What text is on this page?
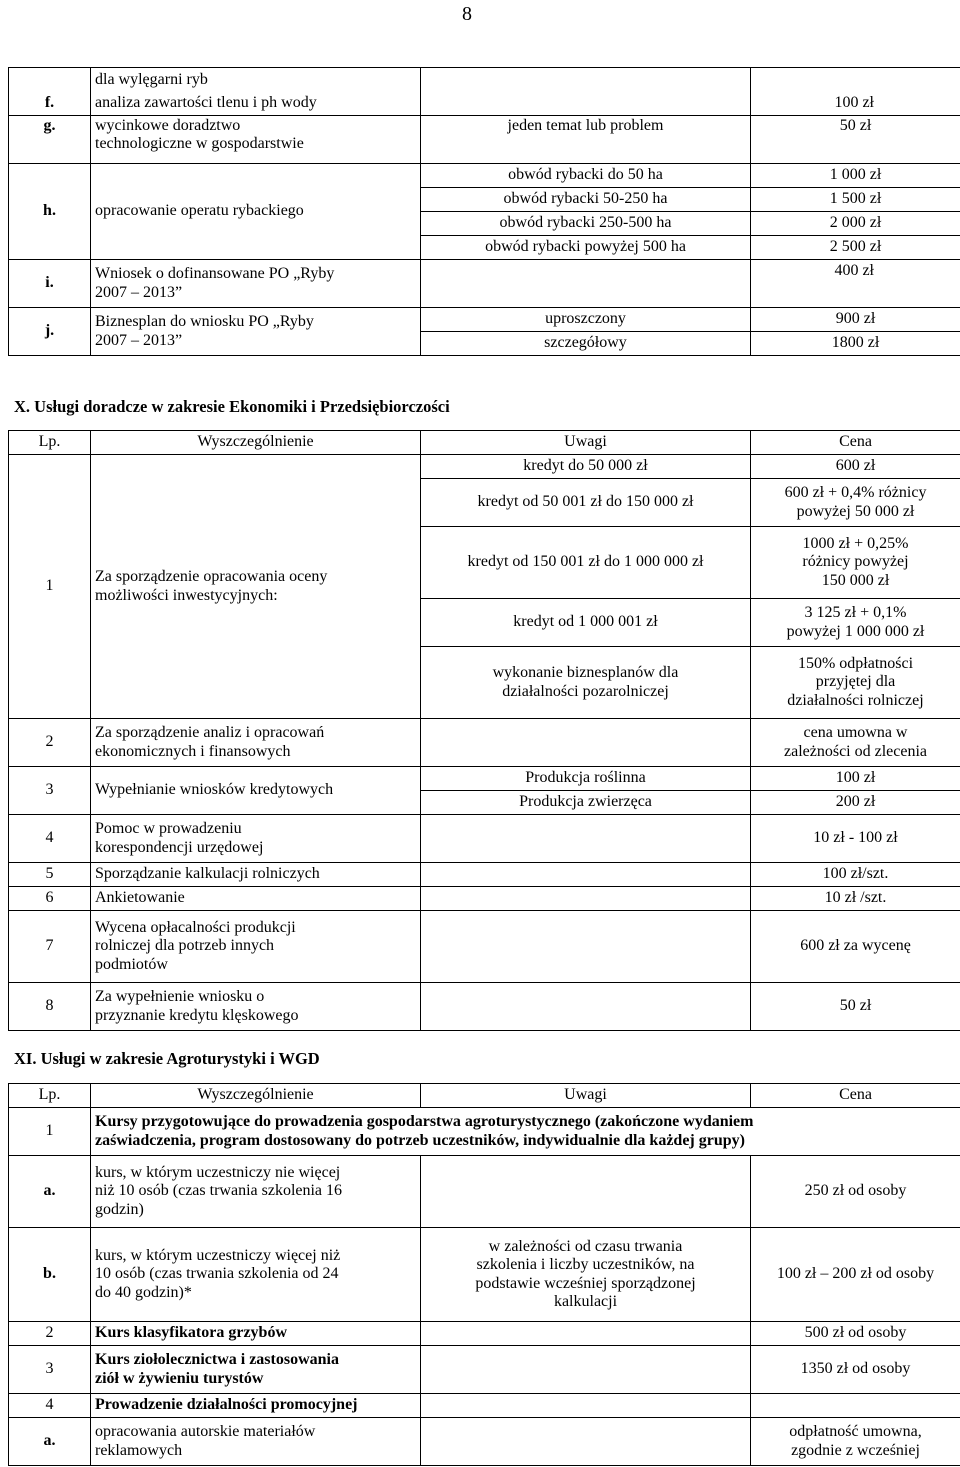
8
	dla wylęgarni ryb		
f.	analiza zawartości tlenu i ph wody		100 zł
g.	wycinkowe doradztwo
technologiczne w gospodarstwie	jeden temat lub problem	50 zł
h.	opracowanie operatu rybackiego	obwód rybacki do 50 ha	1 000 zł
		obwód rybacki 50-250 ha	1 500 zł
		obwód rybacki 250-500 ha	2 000 zł
		obwód rybacki powyżej 500 ha	2 500 zł
i.	Wniosek o dofinansowane PO „Ryby
2007 – 2013”		400 zł
j.	Biznesplan do wniosku PO „Ryby
2007 – 2013”	uproszczony	900 zł
		szczegółowy	1800 zł
X. Usługi doradcze w zakresie Ekonomiki i Przedsiębiorczości
Lp.	Wyszczególnienie	Uwagi	Cena
1	Za sporządzenie opracowania oceny
możliwości inwestycyjnych:	kredyt do 50 000 zł	600 zł
		kredyt od 50 001 zł do 150 000 zł	600 zł + 0,4% różnicy
powyżej 50 000 zł

		kredyt od 150 001 zł do 1 000 000 zł	1000 zł + 0,25%
różnicy powyżej
150 000 zł

		kredyt od 1 000 001 zł	3 125 zł + 0,1%
powyżej 1 000 000 zł

		wykonanie biznesplanów dla
działalności pozarolniczej	150% odpłatności
przyjętej dla
działalności rolniczej

2	Za sporządzenie analiz i opracowań
ekonomicznych i finansowych		cena umowna w
zależności od zlecenia

3	Wypełnianie wniosków kredytowych	Produkcja roślinna	100 zł
		Produkcja zwierzęca	200 zł
4	Pomoc w prowadzeniu
korespondencji urzędowej		10 zł - 100 zł
5	Sporządzanie kalkulacji rolniczych		100 zł/szt.
6	Ankietowanie		10 zł /szt.
7	Wycena opłacalności produkcji
rolniczej dla potrzeb innych
podmiotów		600 zł za wycenę
8	Za wypełnienie wniosku o
przyznanie kredytu klęskowego		50 zł
XI. Usługi w zakresie Agroturystyki i WGD
Lp.	Wyszczególnienie	Uwagi	Cena
1	Kursy przygotowujące do prowadzenia gospodarstwa agroturystycznego (zakończone wydaniem
zaświadczenia, program dostosowany do potrzeb uczestników, indywidualnie dla każdej grupy)		

a.	kurs, w którym uczestniczy nie więcej
niż 10 osób (czas trwania szkolenia 16
godzin)		250 zł od osoby
b.	kurs, w którym uczestniczy więcej niż
10 osób (czas trwania szkolenia od 24
do 40 godzin)*	w zależności od czasu trwania
szkolenia i liczby uczestników, na
podstawie wcześniej sporządzonej
kalkulacji	100 zł – 200 zł od osoby
2	Kurs klasyfikatora grzybów		500 zł od osoby
3	Kurs ziołolecznictwa i zastosowania
ziół w żywieniu turystów		1350 zł od osoby
4	Prowadzenie działalności promocyjnej		
a.	opracowania autorskie materiałów
reklamowych		odpłatność umowna,
zgodnie z wcześniej
